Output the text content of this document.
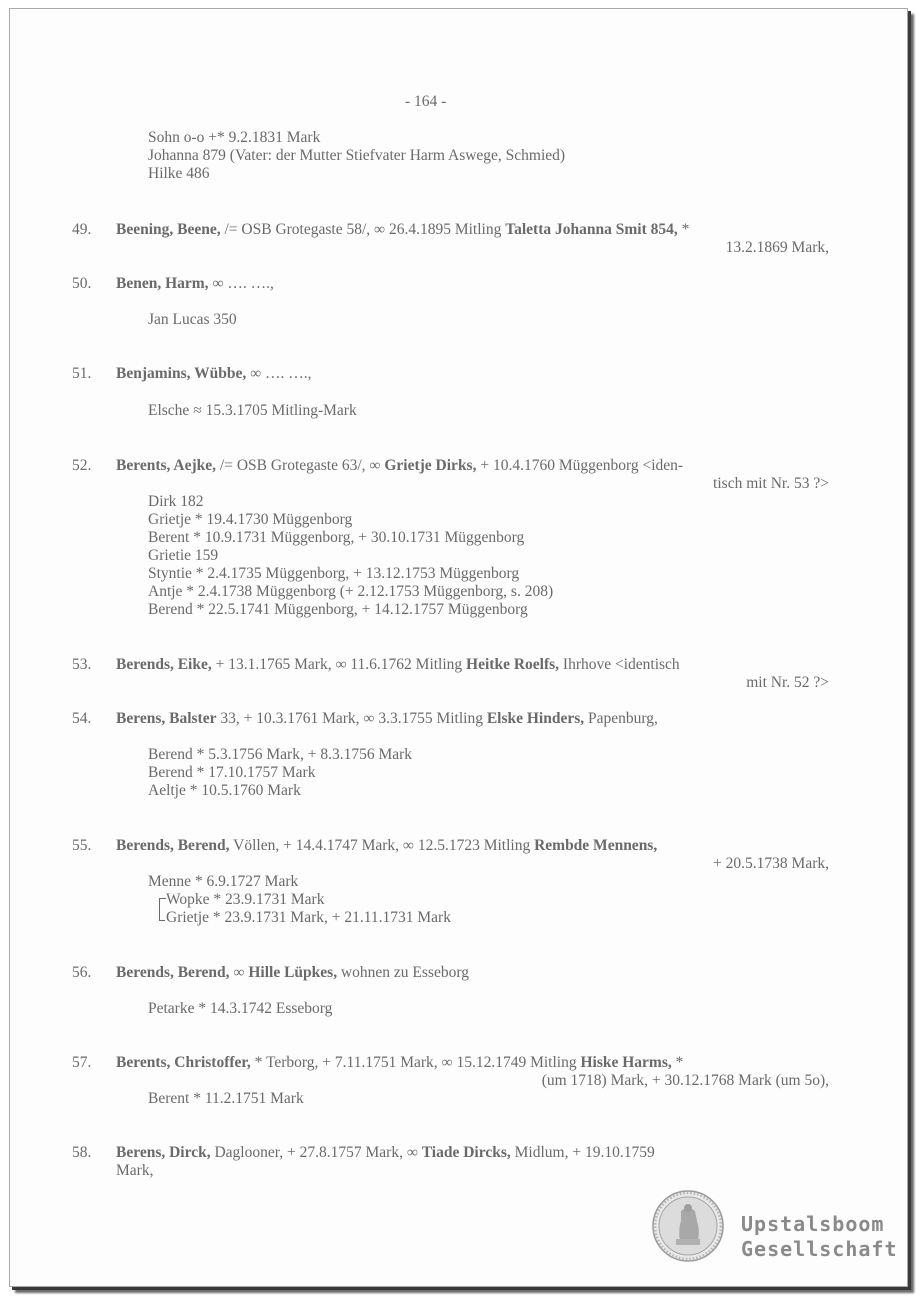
- 164 -
Sohn o-o +* 9.2.1831 Mark
Johanna 879 (Vater: der Mutter Stiefvater Harm Aswege, Schmied)
Hilke 486
49. Beening, Beene, /= OSB Grotegaste 58/, ∞ 26.4.1895 Mitling Taletta Johanna Smit 854, *
13.2.1869 Mark,
50. Benen, Harm, ∞ …. ….,
Jan Lucas 350
51. Benjamins, Wübbe, ∞ …. ….,
Elsche ≈ 15.3.1705 Mitling-Mark
52. Berents, Aejke, /= OSB Grotegaste 63/, ∞ Grietje Dirks, + 10.4.1760 Müggenborg <iden-
tisch mit Nr. 53 ?>
Dirk 182
Grietje * 19.4.1730 Müggenborg
Berent * 10.9.1731 Müggenborg, + 30.10.1731 Müggenborg
Grietie 159
Styntie * 2.4.1735 Müggenborg, + 13.12.1753 Müggenborg
Antje * 2.4.1738 Müggenborg (+ 2.12.1753 Müggenborg, s. 208)
Berend * 22.5.1741 Müggenborg, + 14.12.1757 Müggenborg
53. Berends, Eike, + 13.1.1765 Mark, ∞ 11.6.1762 Mitling Heitke Roelfs, Ihrhove <identisch
mit Nr. 52 ?>
54. Berens, Balster 33, + 10.3.1761 Mark, ∞ 3.3.1755 Mitling Elske Hinders, Papenburg,
Berend * 5.3.1756 Mark, + 8.3.1756 Mark
Berend * 17.10.1757 Mark
Aeltje * 10.5.1760 Mark
55. Berends, Berend, Völlen, + 14.4.1747 Mark, ∞ 12.5.1723 Mitling Rembde Mennens,
+ 20.5.1738 Mark,
Menne * 6.9.1727 Mark
Wopke * 23.9.1731 Mark
Grietje * 23.9.1731 Mark, + 21.11.1731 Mark
56. Berends, Berend, ∞ Hille Lüpkes, wohnen zu Esseborg
Petarke * 14.3.1742 Esseborg
57. Berents, Christoffer, * Terborg, + 7.11.1751 Mark, ∞ 15.12.1749 Mitling Hiske Harms, *
(um 1718) Mark, + 30.12.1768 Mark (um 5o),
Berent * 11.2.1751 Mark
58. Berens, Dirck, Daglooner, + 27.8.1757 Mark, ∞ Tiade Dircks, Midlum, + 19.10.1759
Mark,
Upstalsboom
Gesellschaft
